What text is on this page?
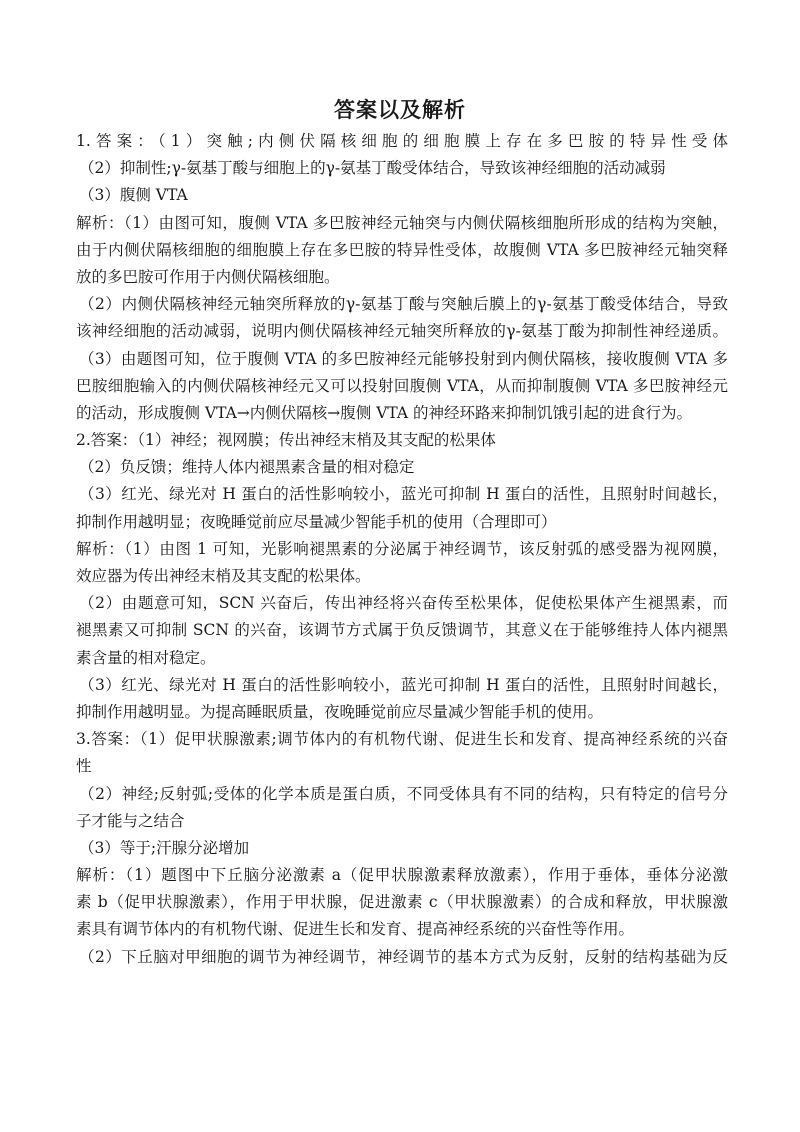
答案以及解析
1.答案：（1）突触;内侧伏隔核细胞的细胞膜上存在多巴胺的特异性受体
（2）抑制性;γ-氨基丁酸与细胞上的γ-氨基丁酸受体结合，导致该神经细胞的活动减弱
（3）腹侧 VTA
解析：（1）由图可知，腹侧 VTA 多巴胺神经元轴突与内侧伏隔核细胞所形成的结构为突触，
由于内侧伏隔核细胞的细胞膜上存在多巴胺的特异性受体，故腹侧 VTA 多巴胺神经元轴突释
放的多巴胺可作用于内侧伏隔核细胞。
（2）内侧伏隔核神经元轴突所释放的γ-氨基丁酸与突触后膜上的γ-氨基丁酸受体结合，导致
该神经细胞的活动减弱，说明内侧伏隔核神经元轴突所释放的γ-氨基丁酸为抑制性神经递质。
（3）由题图可知，位于腹侧 VTA 的多巴胺神经元能够投射到内侧伏隔核，接收腹侧 VTA 多
巴胺细胞输入的内侧伏隔核神经元又可以投射回腹侧 VTA，从而抑制腹侧 VTA 多巴胺神经元
的活动，形成腹侧 VTA→内侧伏隔核→腹侧 VTA 的神经环路来抑制饥饿引起的进食行为。
2.答案：（1）神经；视网膜；传出神经末梢及其支配的松果体
（2）负反馈；维持人体内褪黑素含量的相对稳定
（3）红光、绿光对 H 蛋白的活性影响较小，蓝光可抑制 H 蛋白的活性，且照射时间越长，
抑制作用越明显；夜晚睡觉前应尽量减少智能手机的使用（合理即可）
解析：（1）由图 1 可知，光影响褪黑素的分泌属于神经调节，该反射弧的感受器为视网膜，
效应器为传出神经末梢及其支配的松果体。
（2）由题意可知，SCN 兴奋后，传出神经将兴奋传至松果体，促使松果体产生褪黑素，而
褪黑素又可抑制 SCN 的兴奋，该调节方式属于负反馈调节，其意义在于能够维持人体内褪黑
素含量的相对稳定。
（3）红光、绿光对 H 蛋白的活性影响较小，蓝光可抑制 H 蛋白的活性，且照射时间越长，
抑制作用越明显。为提高睡眠质量，夜晚睡觉前应尽量减少智能手机的使用。
3.答案：（1）促甲状腺激素;调节体内的有机物代谢、促进生长和发育、提高神经系统的兴奋
性
（2）神经;反射弧;受体的化学本质是蛋白质，不同受体具有不同的结构，只有特定的信号分
子才能与之结合
（3）等于;汗腺分泌增加
解析：（1）题图中下丘脑分泌激素 a（促甲状腺激素释放激素），作用于垂体，垂体分泌激
素 b（促甲状腺激素），作用于甲状腺，促进激素 c（甲状腺激素）的合成和释放，甲状腺激
素具有调节体内的有机物代谢、促进生长和发育、提高神经系统的兴奋性等作用。
（2）下丘脑对甲细胞的调节为神经调节，神经调节的基本方式为反射，反射的结构基础为反
